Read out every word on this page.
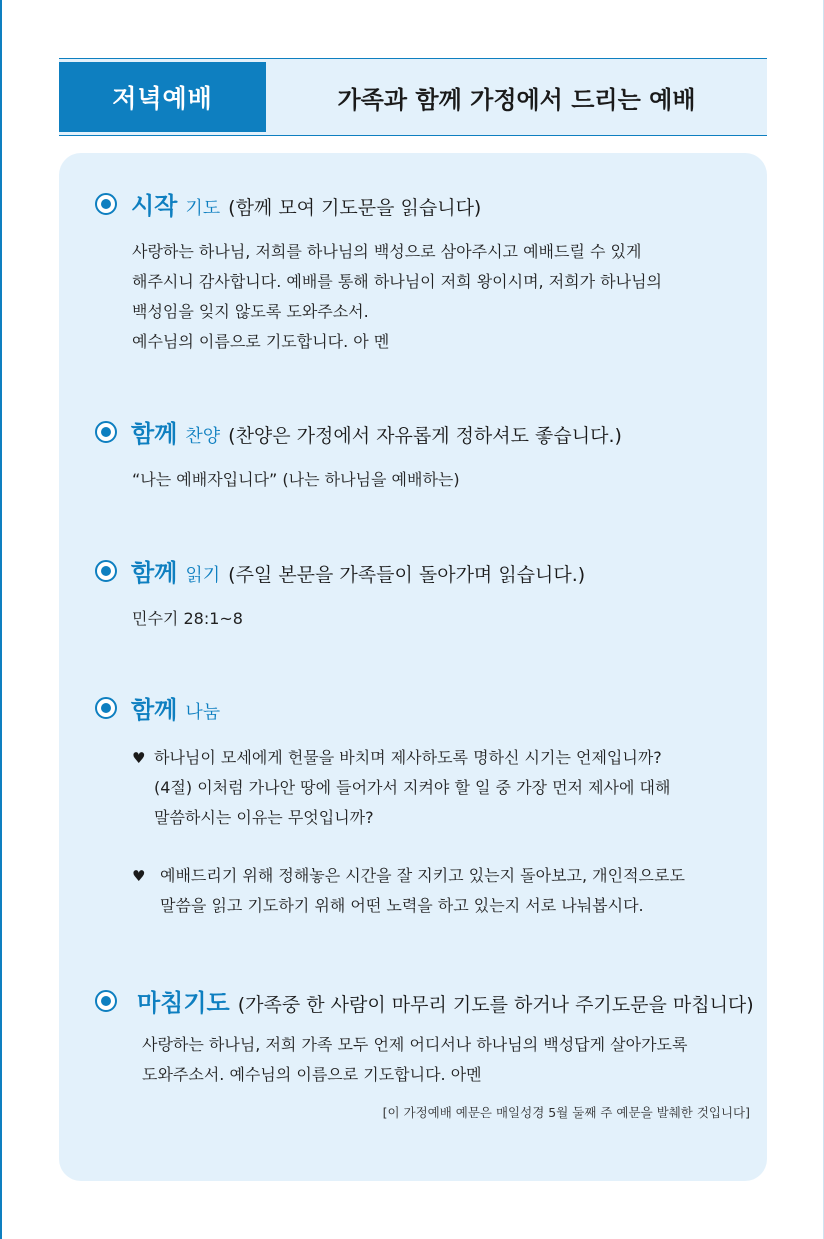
저녁예배	가족과 함께 가정에서 드리는 예배
시작 기도 (함께 모여 기도문을 읽습니다)
사랑하는 하나님, 저희를 하나님의 백성으로 삼아주시고 예배드릴 수 있게
해주시니 감사합니다. 예배를 통해 하나님이 저희 왕이시며, 저희가 하나님의
백성임을 잊지 않도록 도와주소서.
예수님의 이름으로 기도합니다. 아 멘
함께 찬양 (찬양은 가정에서 자유롭게 정하셔도 좋습니다.)
“나는 예배자입니다” (나는 하나님을 예배하는)
함께 읽기 (주일 본문을 가족들이 돌아가며 읽습니다.)
민수기 28:1~8
함께 나눔
♥ 하나님이 모세에게 헌물을 바치며 제사하도록 명하신 시기는 언제입니까?
(4절) 이처럼 가나안 땅에 들어가서 지켜야 할 일 중 가장 먼저 제사에 대해
말씀하시는 이유는 무엇입니까?
♥ 예배드리기 위해 정해놓은 시간을 잘 지키고 있는지 돌아보고, 개인적으로도
말씀을 읽고 기도하기 위해 어떤 노력을 하고 있는지 서로 나눠봅시다.
마침기도 (가족중 한 사람이 마무리 기도를 하거나 주기도문을 마칩니다)
사랑하는 하나님, 저희 가족 모두 언제 어디서나 하나님의 백성답게 살아가도록
도와주소서. 예수님의 이름으로 기도합니다. 아멘
[이 가정예배 예문은 매일성경 5월 둘째 주 예문을 발췌한 것입니다]
